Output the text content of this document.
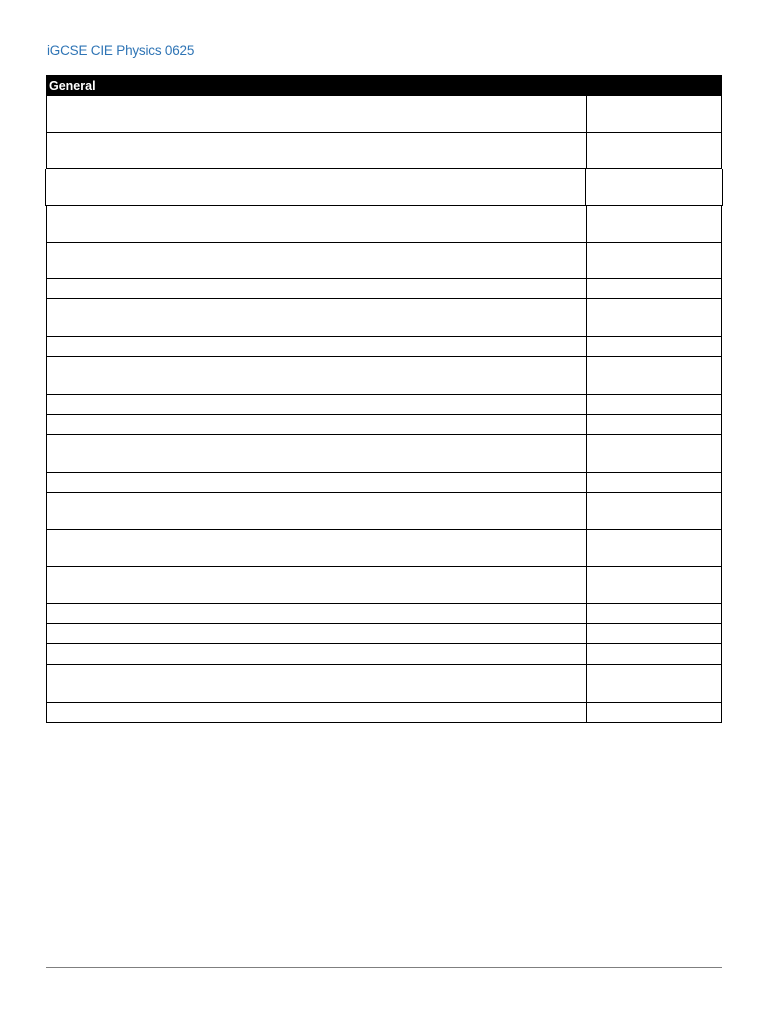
iGCSE CIE Physics 0625
General
